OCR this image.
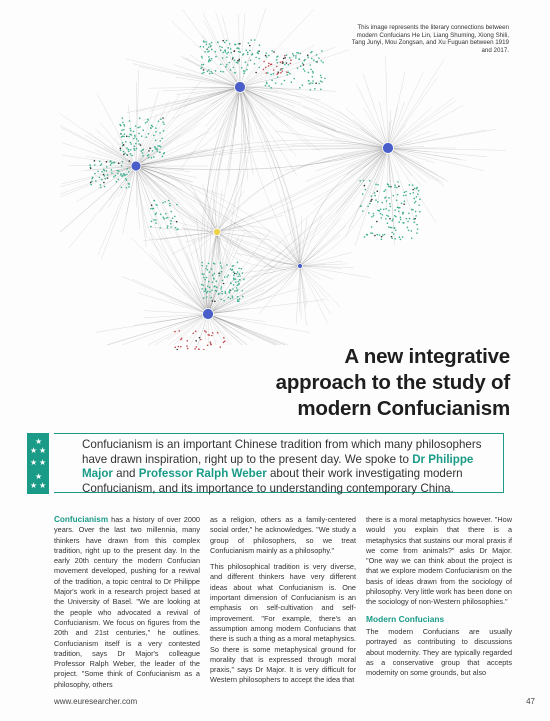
This image represents the literary connections between modern Confucians He Lin, Liang Shuming, Xiong Shili, Tang Junyi, Mou Zongsan, and Xu Fuguan between 1919 and 2017.
A new integrative
approach to the study of
modern Confucianism
★
★ ★
★ ★
★
★ ★
Confucianism is an important Chinese tradition from which many philosophers have drawn inspiration, right up to the present day. We spoke to Dr Philippe Major and Professor Ralph Weber about their work investigating modern Confucianism, and its importance to understanding contemporary China.

Confucianism has a history of over 2000 years. Over the last two millennia, many thinkers have drawn from this complex tradition, right up to the present day. In the early 20th century the modern Confucian movement developed, pushing for a revival of the tradition, a topic central to Dr Philippe Major's work in a research project based at the University of Basel. "We are looking at the people who advocated a revival of Confucianism. We focus on figures from the 20th and 21st centuries," he outlines. Confucianism itself is a very contested tradition, says Dr Major's colleague Professor Ralph Weber, the leader of the project. "Some think of Confucianism as a philosophy, others

as a religion, others as a family-centered social order," he acknowledges. "We study a group of philosophers, so we treat Confucianism mainly as a philosophy."

This philosophical tradition is very diverse, and different thinkers have very different ideas about what Confucianism is. One important dimension of Confucianism is an emphasis on self-cultivation and self-improvement. "For example, there's an assumption among modern Confucians that there is such a thing as a moral metaphysics. So there is some metaphysical ground for morality that is expressed through moral praxis," says Dr Major. It is very difficult for Western philosophers to accept the idea that

there is a moral metaphysics however. "How would you explain that there is a metaphysics that sustains our moral praxis if we come from animals?" asks Dr Major. "One way we can think about the project is that we explore modern Confucianism on the basis of ideas drawn from the sociology of philosophy. Very little work has been done on the sociology of non-Western philosophies."

Modern Confucians

The modern Confucians are usually portrayed as contributing to discussions about modernity. They are typically regarded as a conservative group that accepts modernity on some grounds, but also

www.euresearcher.com	47
